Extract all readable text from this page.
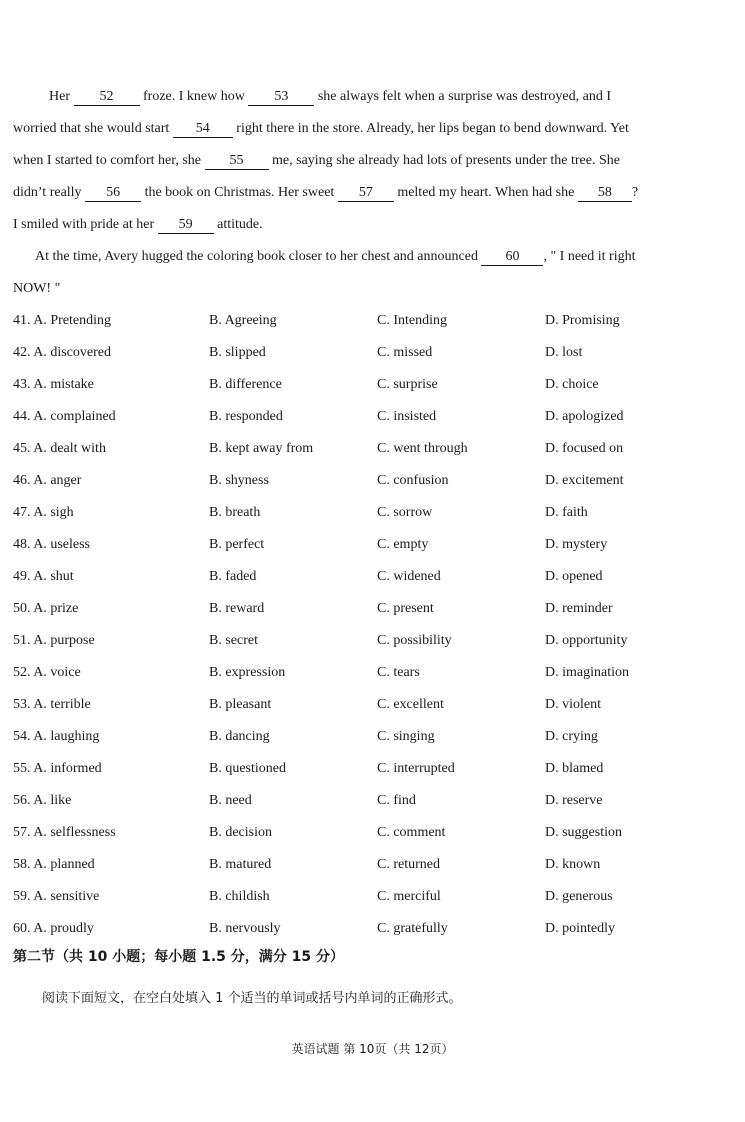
Her 52 froze. I knew how 53 she always felt when a surprise was destroyed, and I
worried that she would start 54 right there in the store. Already, her lips began to bend downward. Yet
when I started to comfort her, she 55 me, saying she already had lots of presents under the tree. She
didn’t really 56 the book on Christmas. Her sweet 57 melted my heart. When had she 58 ?
I smiled with pride at her 59 attitude.
At the time, Avery hugged the coloring book closer to her chest and announced 60 , " I need it right
NOW! "
41. A. Pretending	B. Agreeing	C. Intending	D. Promising
42. A. discovered	B. slipped	C. missed	D. lost
43. A. mistake	B. difference	C. surprise	D. choice
44. A. complained	B. responded	C. insisted	D. apologized
45. A. dealt with	B. kept away from	C. went through	D. focused on
46. A. anger	B. shyness	C. confusion	D. excitement
47. A. sigh	B. breath	C. sorrow	D. faith
48. A. useless	B. perfect	C. empty	D. mystery
49. A. shut	B. faded	C. widened	D. opened
50. A. prize	B. reward	C. present	D. reminder
51. A. purpose	B. secret	C. possibility	D. opportunity
52. A. voice	B. expression	C. tears	D. imagination
53. A. terrible	B. pleasant	C. excellent	D. violent
54. A. laughing	B. dancing	C. singing	D. crying
55. A. informed	B. questioned	C. interrupted	D. blamed
56. A. like	B. need	C. find	D. reserve
57. A. selflessness	B. decision	C. comment	D. suggestion
58. A. planned	B. matured	C. returned	D. known
59. A. sensitive	B. childish	C. merciful	D. generous
60. A. proudly	B. nervously	C. gratefully	D. pointedly
第二节（共 10 小题；每小题 1.5 分，满分 15 分）
阅读下面短文，在空白处填入 1 个适当的单词或括号内单词的正确形式。
英语试题 第 10页（共 12页）
